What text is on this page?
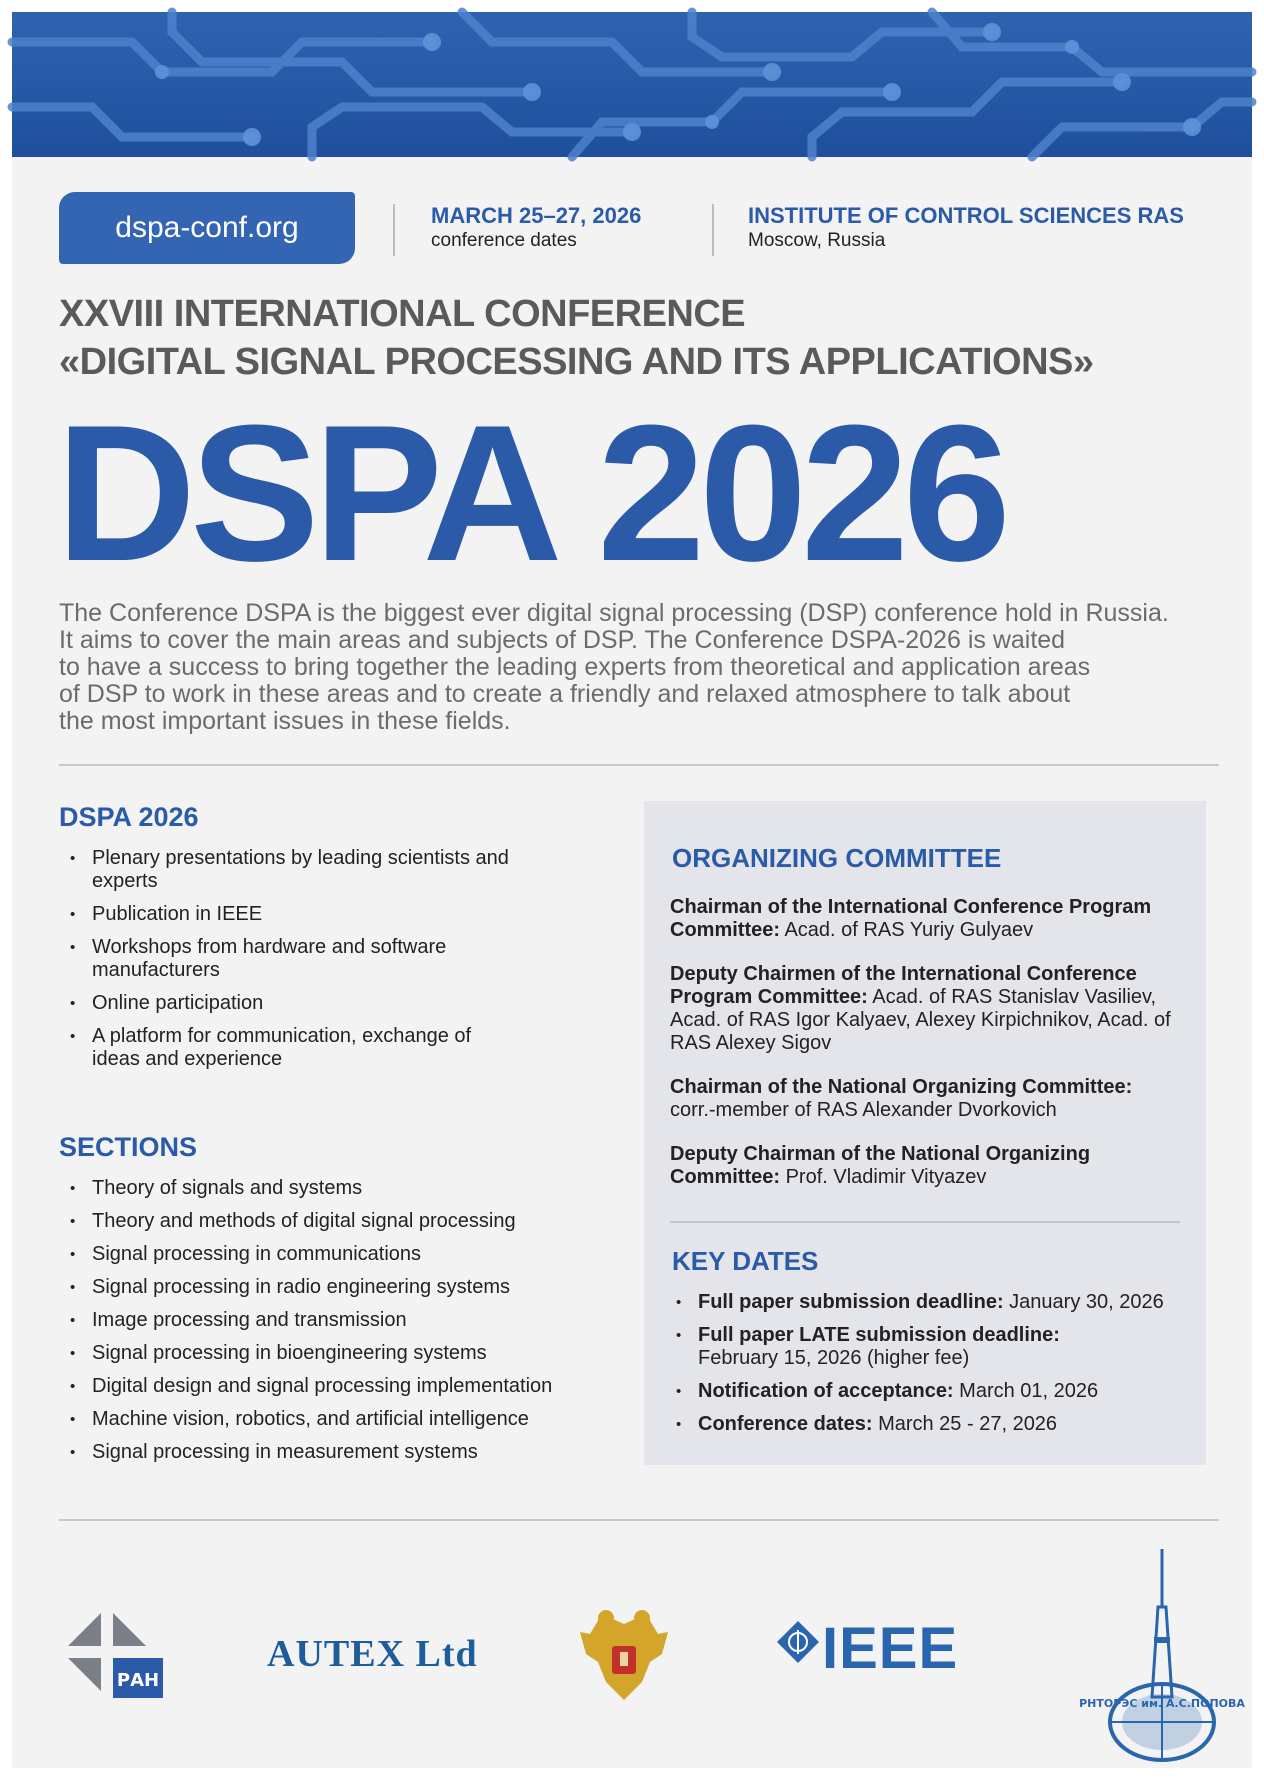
dspa-conf.org	MARCH 25–27, 2026
conference dates
INSTITUTE OF CONTROL SCIENCES RAS
Moscow, Russia
XXVIII INTERNATIONAL CONFERENCE
«DIGITAL SIGNAL PROCESSING AND ITS APPLICATIONS»
DSPA 2026
The Conference DSPA is the biggest ever digital signal processing (DSP) conference hold in Russia.
It aims to cover the main areas and subjects of DSP. The Conference DSPA-2026 is waited
to have a success to bring together the leading experts from theoretical and application areas
of DSP to work in these areas and to create a friendly and relaxed atmosphere to talk about
the most important issues in these fields.
DSPA 2026
• Plenary presentations by leading scientists and experts
• Publication in IEEE
• Workshops from hardware and software manufacturers
• Online participation
• A platform for communication, exchange of ideas and experience
SECTIONS
• Theory of signals and systems
• Theory and methods of digital signal processing
• Signal processing in communications
• Signal processing in radio engineering systems
• Image processing and transmission
• Signal processing in bioengineering systems
• Digital design and signal processing implementation
• Machine vision, robotics, and artificial intelligence
• Signal processing in measurement systems
ORGANIZING COMMITTEE
Chairman of the International Conference Program Committee: Acad. of RAS Yuriy Gulyaev
Deputy Chairmen of the International Conference Program Committee: Acad. of RAS Stanislav Vasiliev, Acad. of RAS Igor Kalyaev, Alexey Kirpichnikov, Acad. of RAS Alexey Sigov
Chairman of the National Organizing Committee: corr.-member of RAS Alexander Dvorkovich
Deputy Chairman of the National Organizing Committee: Prof. Vladimir Vityazev
KEY DATES
• Full paper submission deadline: January 30, 2026
• Full paper LATE submission deadline:
February 15, 2026 (higher fee)
• Notification of acceptance: March 01, 2026
• Conference dates: March 25 - 27, 2026
РАН
AUTEX Ltd	IEEE
РНТОРЭС им. А.С.ПОПОВА
